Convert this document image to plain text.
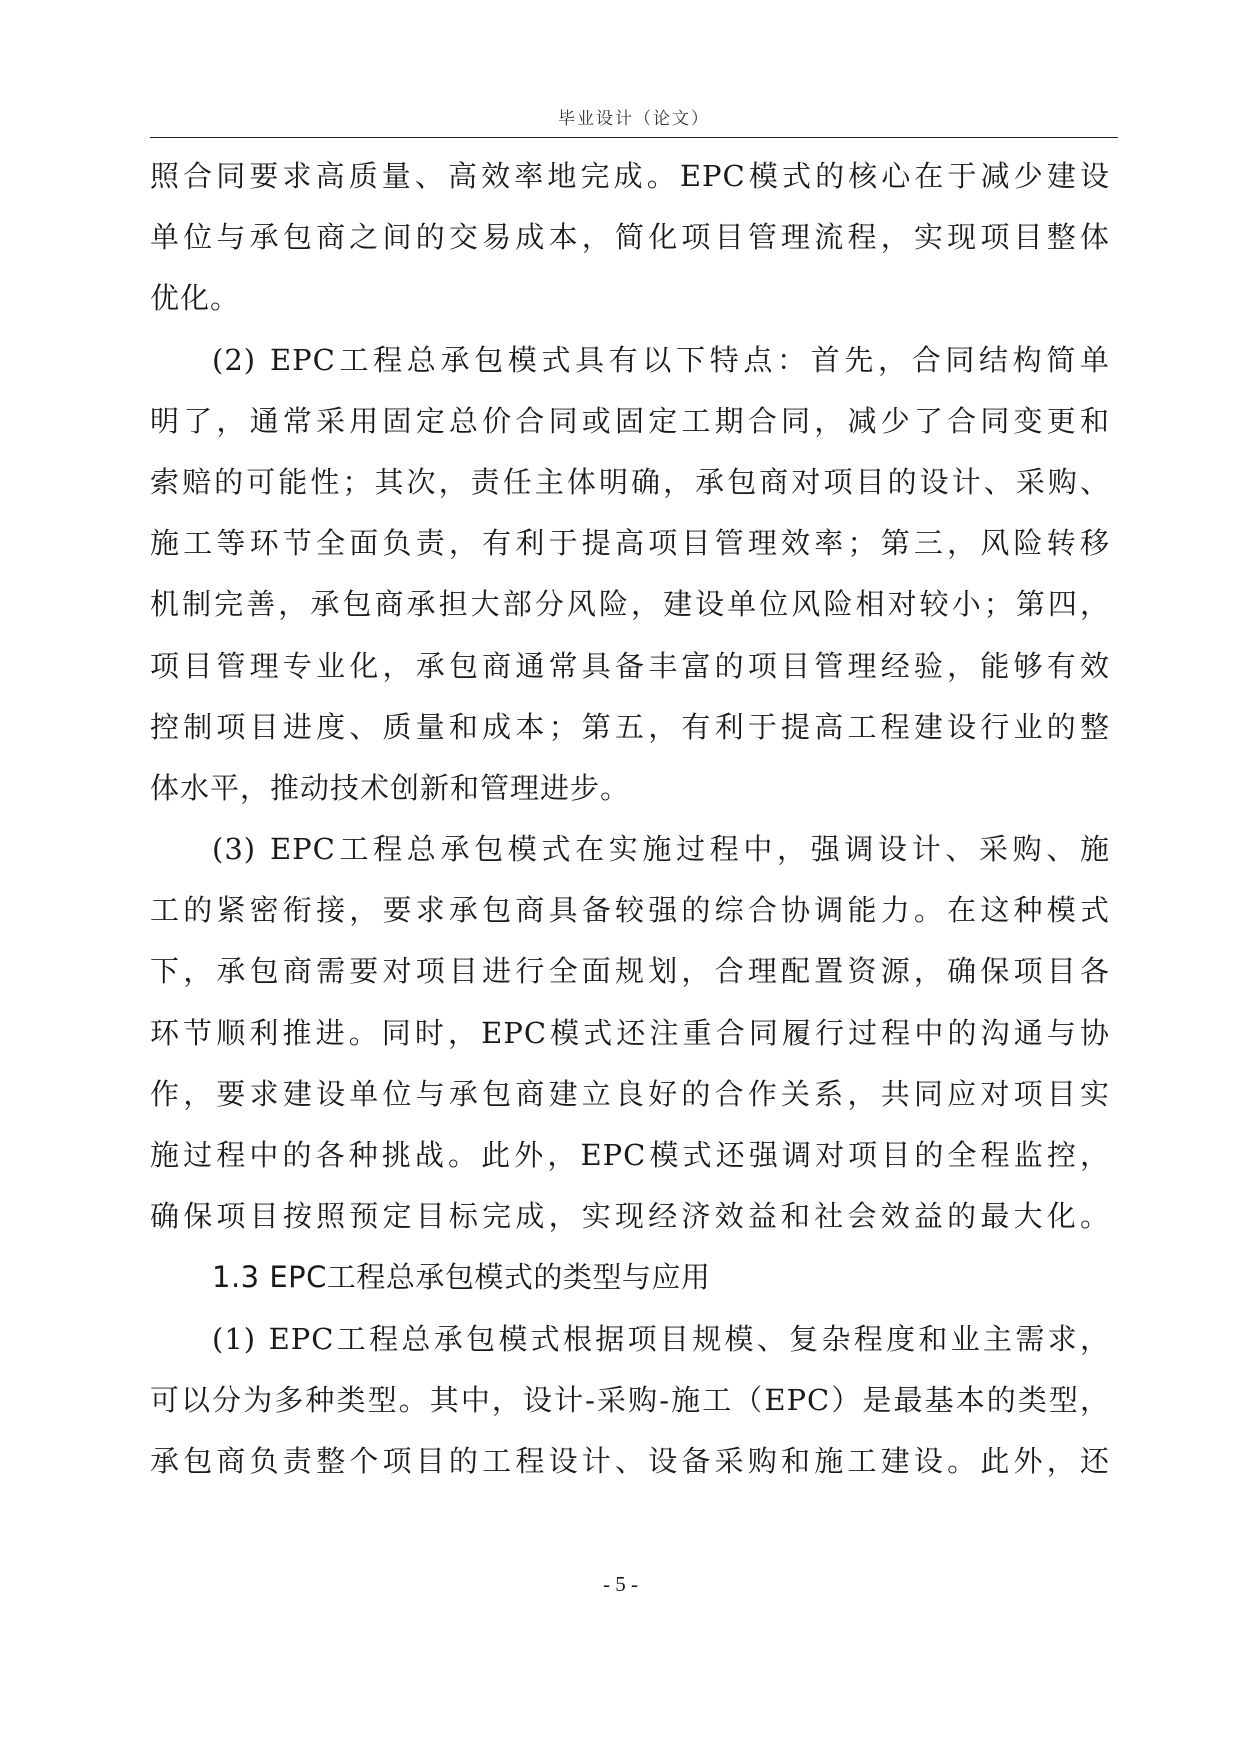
毕业设计（论文）
照合同要求高质量、高效率地完成。EPC模式的核心在于减少建设
单位与承包商之间的交易成本，简化项目管理流程，实现项目整体
优化。
(2) EPC工程总承包模式具有以下特点：首先，合同结构简单
明了，通常采用固定总价合同或固定工期合同，减少了合同变更和
索赔的可能性；其次，责任主体明确，承包商对项目的设计、采购、
施工等环节全面负责，有利于提高项目管理效率；第三，风险转移
机制完善，承包商承担大部分风险，建设单位风险相对较小；第四，
项目管理专业化，承包商通常具备丰富的项目管理经验，能够有效
控制项目进度、质量和成本；第五，有利于提高工程建设行业的整
体水平，推动技术创新和管理进步。
(3) EPC工程总承包模式在实施过程中，强调设计、采购、施
工的紧密衔接，要求承包商具备较强的综合协调能力。在这种模式
下，承包商需要对项目进行全面规划，合理配置资源，确保项目各
环节顺利推进。同时，EPC模式还注重合同履行过程中的沟通与协
作，要求建设单位与承包商建立良好的合作关系，共同应对项目实
施过程中的各种挑战。此外，EPC模式还强调对项目的全程监控，
确保项目按照预定目标完成，实现经济效益和社会效益的最大化。
1.3 EPC工程总承包模式的类型与应用
(1) EPC工程总承包模式根据项目规模、复杂程度和业主需求，
可以分为多种类型。其中，设计-采购-施工（EPC）是最基本的类型，
承包商负责整个项目的工程设计、设备采购和施工建设。此外，还
- 5 -
